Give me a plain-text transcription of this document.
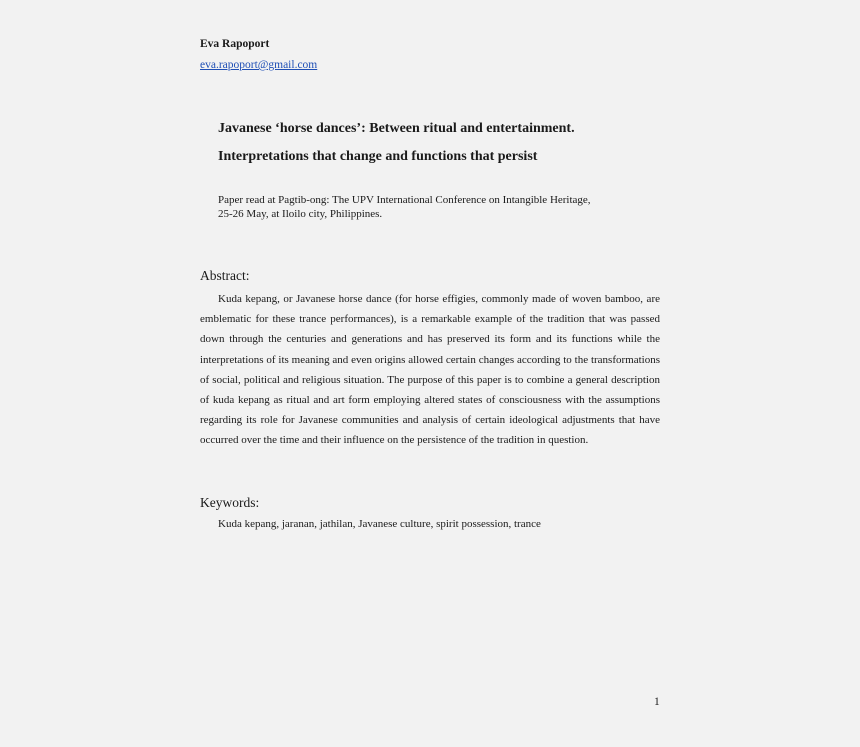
Eva Rapoport
eva.rapoport@gmail.com
Javanese ‘horse dances’: Between ritual and entertainment.
Interpretations that change and functions that persist
Paper read at Pagtib-ong: The UPV International Conference on Intangible Heritage,
25-26 May, at Iloilo city, Philippines.
Abstract:

Kuda kepang, or Javanese horse dance (for horse effigies, commonly made of woven bamboo, are emblematic for these trance performances), is a remarkable example of the tradition that was passed down through the centuries and generations and has preserved its form and its functions while the interpretations of its meaning and even origins allowed certain changes according to the transformations of social, political and religious situation. The purpose of this paper is to combine a general description of kuda kepang as ritual and art form employing altered states of consciousness with the assumptions regarding its role for Javanese communities and analysis of certain ideological adjustments that have occurred over the time and their influence on the persistence of the tradition in question.

Keywords:
Kuda kepang, jaranan, jathilan, Javanese culture, spirit possession, trance
1
